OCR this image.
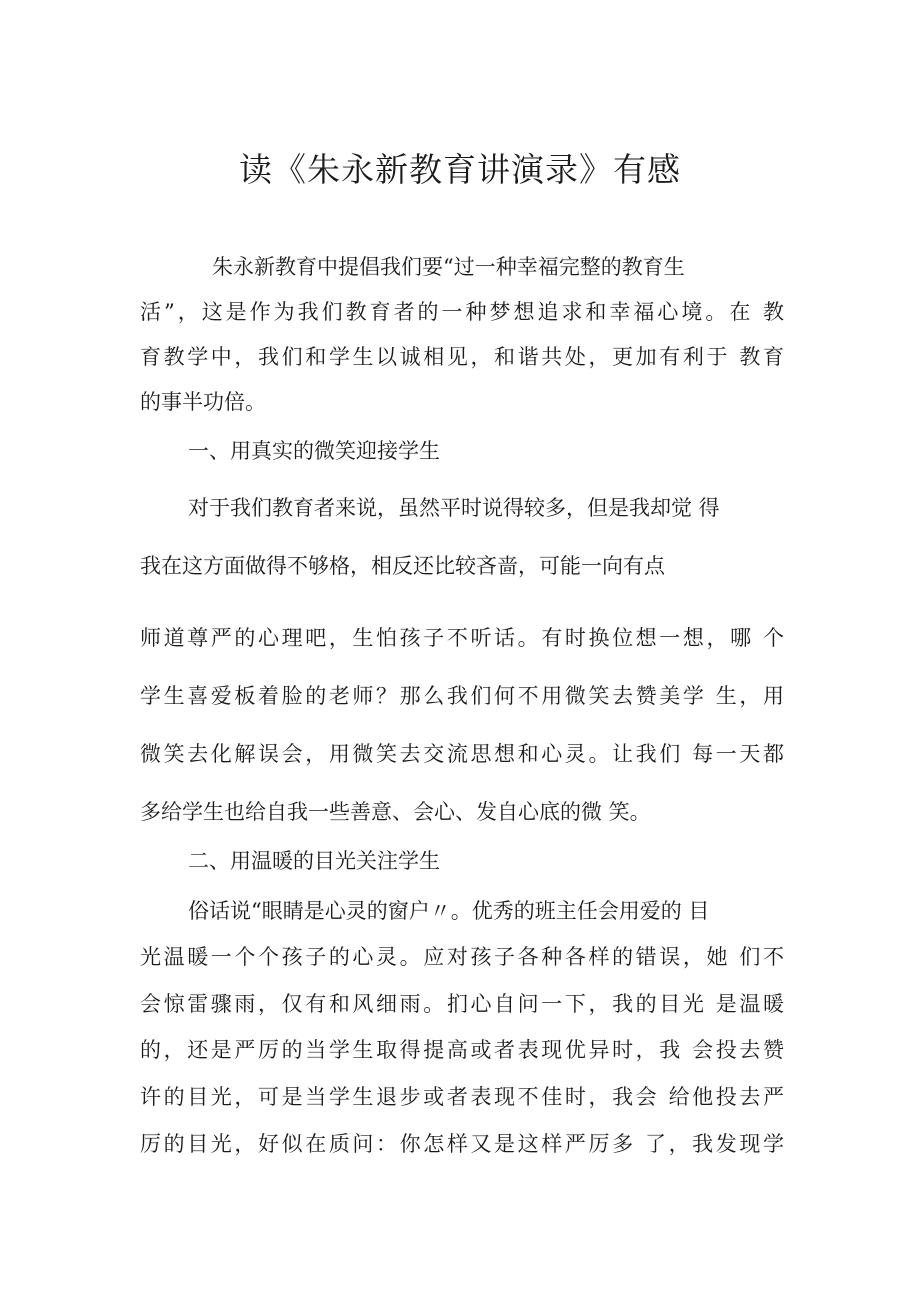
读《朱永新教育讲演录》有感
朱永新教育中提倡我们要“过一种幸福完整的教育生
活”，这是作为我们教育者的一种梦想追求和幸福心境。在 教
育教学中，我们和学生以诚相见，和谐共处，更加有利于 教育
的事半功倍。
一、用真实的微笑迎接学生
对于我们教育者来说，虽然平时说得较多，但是我却觉 得
我在这方面做得不够格，相反还比较吝啬，可能一向有点
师道尊严的心理吧，生怕孩子不听话。有时换位想一想，哪 个
学生喜爱板着脸的老师？那么我们何不用微笑去赞美学 生，用
微笑去化解误会，用微笑去交流思想和心灵。让我们 每一天都
多给学生也给自我一些善意、会心、发自心底的微 笑。
二、用温暖的目光关注学生
俗话说“眼睛是心灵的窗户〃。优秀的班主任会用爱的 目
光温暖一个个孩子的心灵。应对孩子各种各样的错误，她 们不
会惊雷骤雨，仅有和风细雨。扪心自问一下，我的目光 是温暖
的，还是严厉的当学生取得提高或者表现优异时，我 会投去赞
许的目光，可是当学生退步或者表现不佳时，我会 给他投去严
厉的目光，好似在质问：你怎样又是这样严厉多 了，我发现学
